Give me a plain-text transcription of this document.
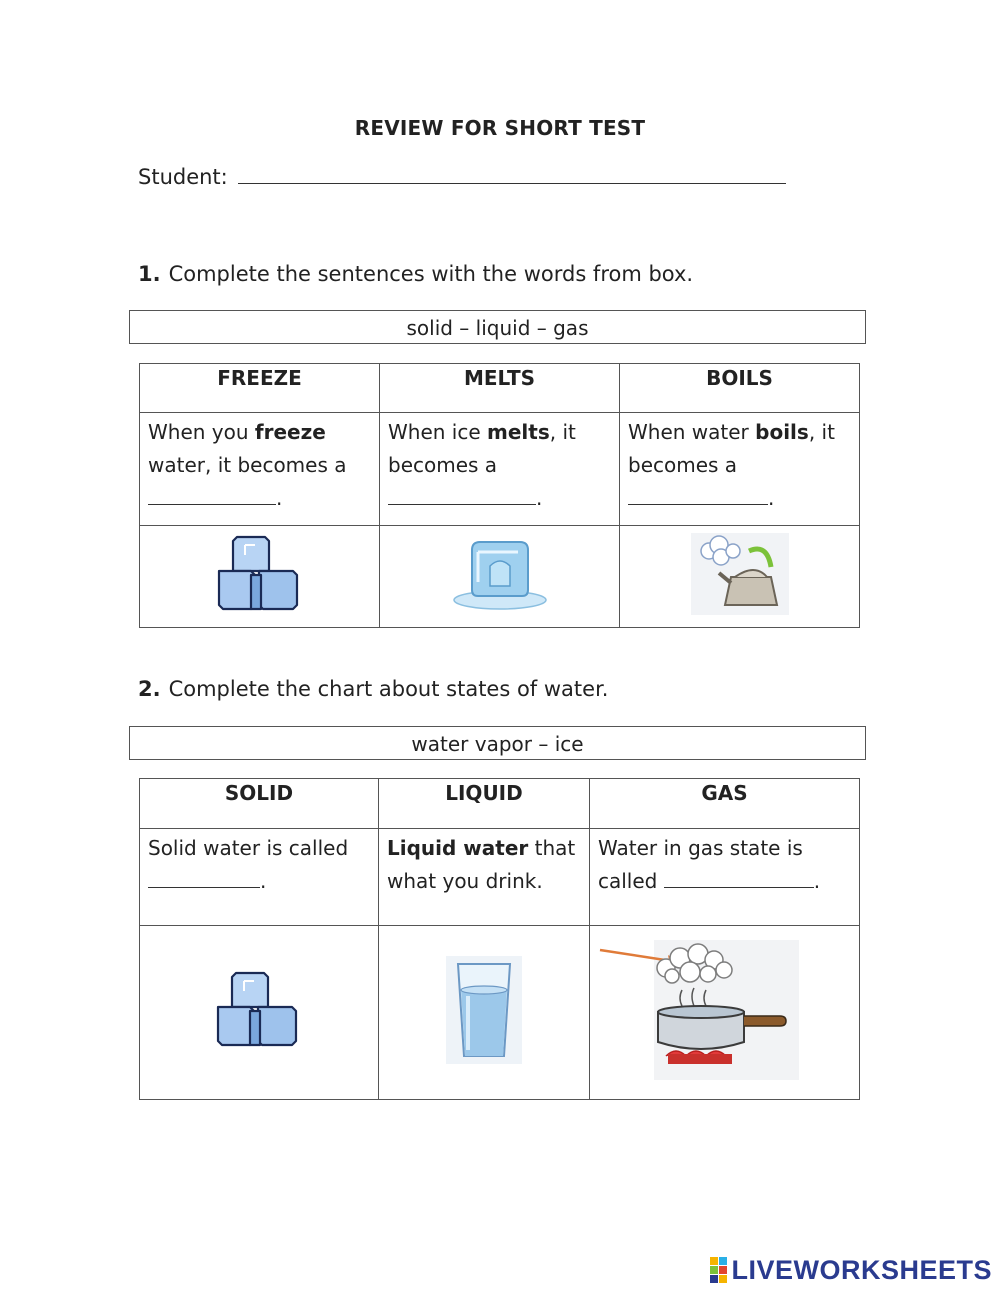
REVIEW FOR SHORT TEST
Student:
1. Complete the sentences with the words from box.
solid – liquid – gas
FREEZE	MELTS	BOILS
When you freeze water, it becomes a .	When ice melts, it becomes a .	When water boils, it becomes a .

2. Complete the chart about states of water.
water vapor – ice
SOLID	LIQUID	GAS
Solid water is called .	Liquid water that what you drink.	Water in gas state is called .

LIVEWORKSHEETS
